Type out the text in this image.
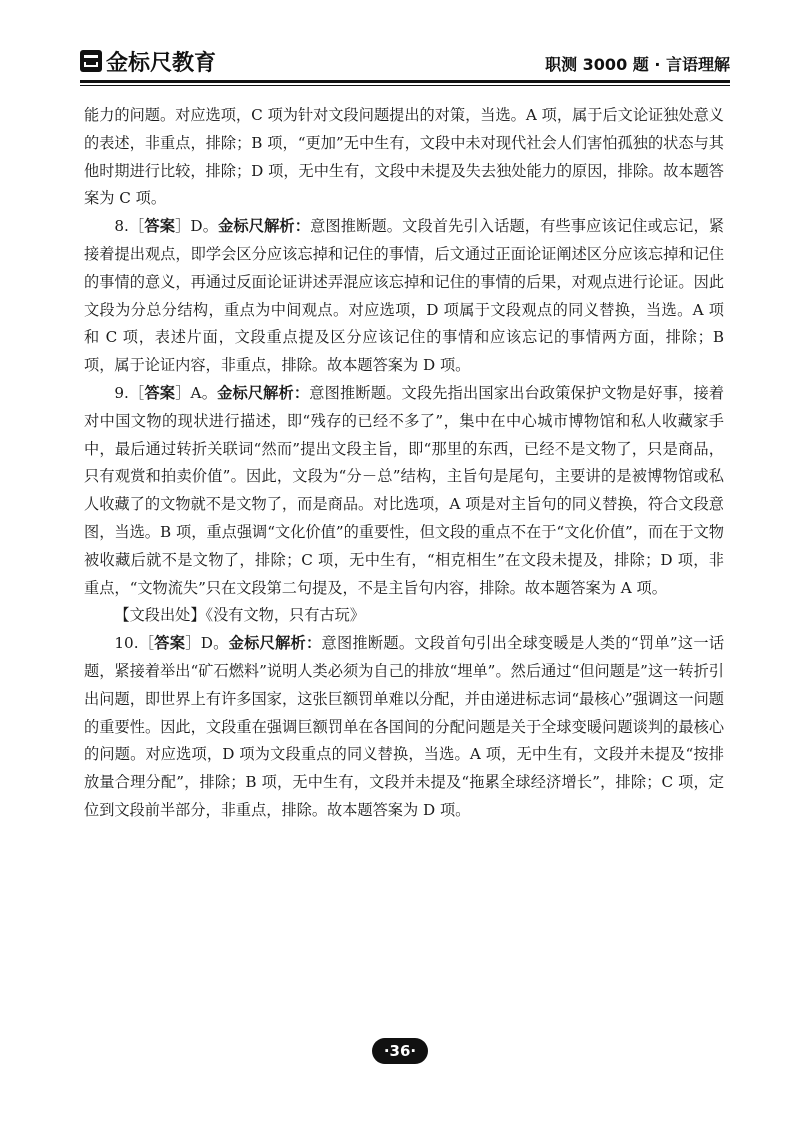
金标尺教育	职测 3000 题 · 言语理解

能力的问题。对应选项，C 项为针对文段问题提出的对策，当选。A 项，属于后文论证独处意义的表述，非重点，排除；B 项，“更加”无中生有，文段中未对现代社会人们害怕孤独的状态与其他时期进行比较，排除；D 项，无中生有，文段中未提及失去独处能力的原因，排除。故本题答案为 C 项。

8.［答案］D。金标尺解析：意图推断题。文段首先引入话题，有些事应该记住或忘记，紧接着提出观点，即学会区分应该忘掉和记住的事情，后文通过正面论证阐述区分应该忘掉和记住的事情的意义，再通过反面论证讲述弄混应该忘掉和记住的事情的后果，对观点进行论证。因此文段为分总分结构，重点为中间观点。对应选项，D 项属于文段观点的同义替换，当选。A 项和 C 项，表述片面，文段重点提及区分应该记住的事情和应该忘记的事情两方面，排除；B 项，属于论证内容，非重点，排除。故本题答案为 D 项。

9.［答案］A。金标尺解析：意图推断题。文段先指出国家出台政策保护文物是好事，接着对中国文物的现状进行描述，即“残存的已经不多了”，集中在中心城市博物馆和私人收藏家手中，最后通过转折关联词“然而”提出文段主旨，即“那里的东西，已经不是文物了，只是商品，只有观赏和拍卖价值”。因此，文段为“分－总”结构，主旨句是尾句，主要讲的是被博物馆或私人收藏了的文物就不是文物了，而是商品。对比选项，A 项是对主旨句的同义替换，符合文段意图，当选。B 项，重点强调“文化价值”的重要性，但文段的重点不在于“文化价值”，而在于文物被收藏后就不是文物了，排除；C 项，无中生有，“相克相生”在文段未提及，排除；D 项，非重点，“文物流失”只在文段第二句提及，不是主旨句内容，排除。故本题答案为 A 项。

【文段出处】《没有文物，只有古玩》

10.［答案］D。金标尺解析：意图推断题。文段首句引出全球变暖是人类的“罚单”这一话题，紧接着举出“矿石燃料”说明人类必须为自己的排放“埋单”。然后通过“但问题是”这一转折引出问题，即世界上有许多国家，这张巨额罚单难以分配，并由递进标志词“最核心”强调这一问题的重要性。因此，文段重在强调巨额罚单在各国间的分配问题是关于全球变暖问题谈判的最核心的问题。对应选项，D 项为文段重点的同义替换，当选。A 项，无中生有，文段并未提及“按排放量合理分配”，排除；B 项，无中生有，文段并未提及“拖累全球经济增长”，排除；C 项，定位到文段前半部分，非重点，排除。故本题答案为 D 项。

·36·
